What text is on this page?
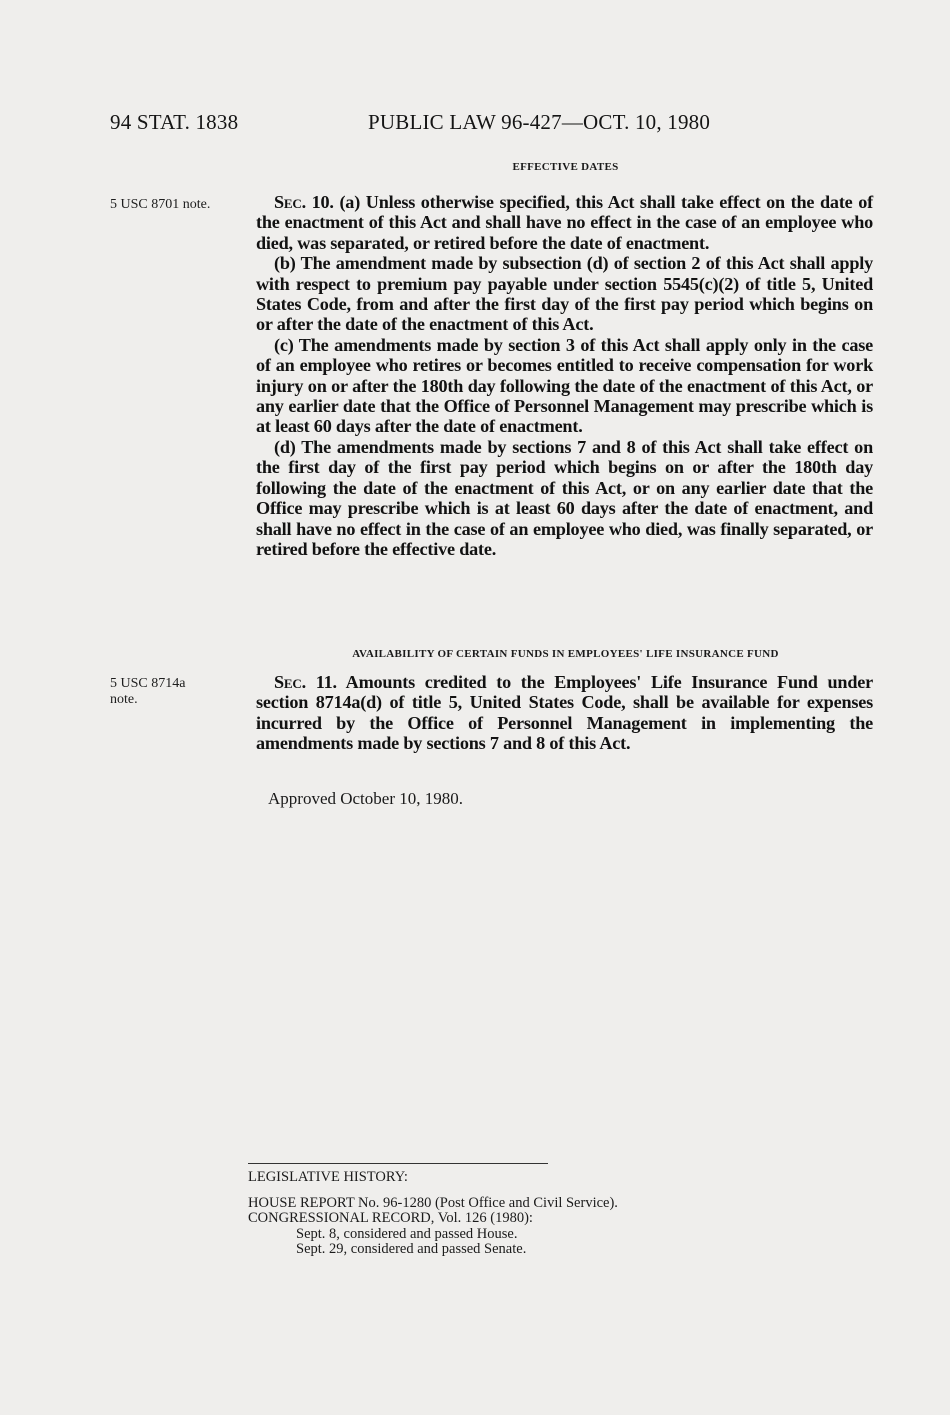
94 STAT. 1838	PUBLIC LAW 96-427—OCT. 10, 1980
EFFECTIVE DATES
5 USC 8701 note.	Sec. 10. (a) Unless otherwise specified, this Act shall take effect on the date of the enactment of this Act and shall have no effect in the case of an employee who died, was separated, or retired before the date of enactment.

(b) The amendment made by subsection (d) of section 2 of this Act shall apply with respect to premium pay payable under section 5545(c)(2) of title 5, United States Code, from and after the first day of the first pay period which begins on or after the date of the enactment of this Act.

(c) The amendments made by section 3 of this Act shall apply only in the case of an employee who retires or becomes entitled to receive compensation for work injury on or after the 180th day following the date of the enactment of this Act, or any earlier date that the Office of Personnel Management may prescribe which is at least 60 days after the date of enactment.

(d) The amendments made by sections 7 and 8 of this Act shall take effect on the first day of the first pay period which begins on or after the 180th day following the date of the enactment of this Act, or on any earlier date that the Office may prescribe which is at least 60 days after the date of enactment, and shall have no effect in the case of an employee who died, was finally separated, or retired before the effective date.

AVAILABILITY OF CERTAIN FUNDS IN EMPLOYEES' LIFE INSURANCE FUND
5 USC 8714a note.

Sec. 11. Amounts credited to the Employees' Life Insurance Fund under section 8714a(d) of title 5, United States Code, shall be available for expenses incurred by the Office of Personnel Management in implementing the amendments made by sections 7 and 8 of this Act.

Approved October 10, 1980.
LEGISLATIVE HISTORY:
HOUSE REPORT No. 96-1280 (Post Office and Civil Service).
CONGRESSIONAL RECORD, Vol. 126 (1980):
Sept. 8, considered and passed House.
Sept. 29, considered and passed Senate.
